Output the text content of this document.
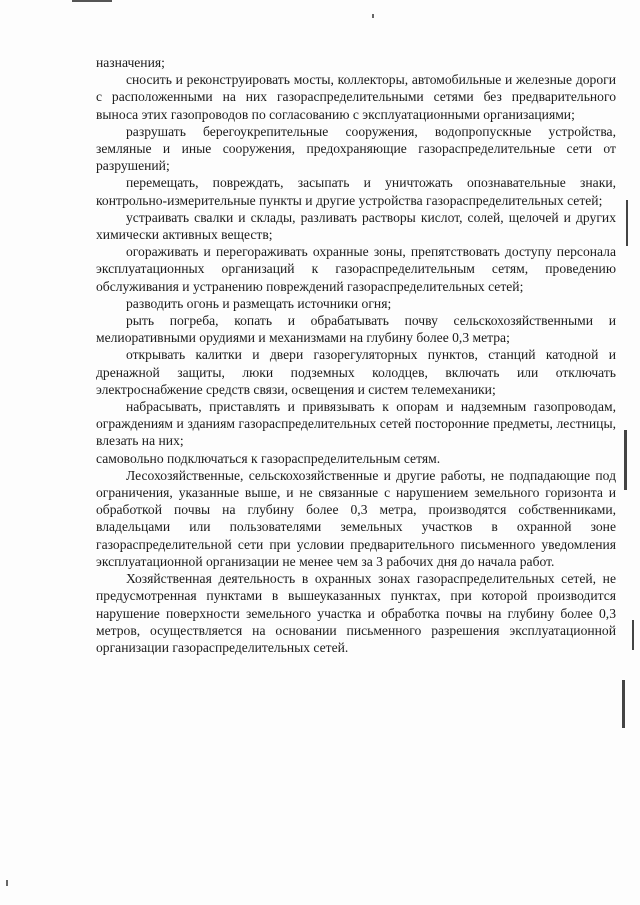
назначения;

сносить и реконструировать мосты, коллекторы, автомобильные и железные дороги с расположенными на них газораспределительными сетями без предварительного выноса этих газопроводов по согласованию с эксплуатационными организациями;

разрушать берегоукрепительные сооружения, водопропускные устройства, земляные и иные сооружения, предохраняющие газораспределительные сети от разрушений;

перемещать, повреждать, засыпать и уничтожать опознавательные знаки, контрольно-измерительные пункты и другие устройства газораспределительных сетей;

устраивать свалки и склады, разливать растворы кислот, солей, щелочей и других химически активных веществ;

огораживать и перегораживать охранные зоны, препятствовать доступу персонала эксплуатационных организаций к газораспределительным сетям, проведению обслуживания и устранению повреждений газораспределительных сетей;

разводить огонь и размещать источники огня;

рыть погреба, копать и обрабатывать почву сельскохозяйственными и мелиоративными орудиями и механизмами на глубину более 0,3 метра;

открывать калитки и двери газорегуляторных пунктов, станций катодной и дренажной защиты, люки подземных колодцев, включать или отключать электроснабжение средств связи, освещения и систем телемеханики;

набрасывать, приставлять и привязывать к опорам и надземным газопроводам, ограждениям и зданиям газораспределительных сетей посторонние предметы, лестницы, влезать на них;

самовольно подключаться к газораспределительным сетям.

Лесохозяйственные, сельскохозяйственные и другие работы, не подпадающие под ограничения, указанные выше, и не связанные с нарушением земельного горизонта и обработкой почвы на глубину более 0,3 метра, производятся собственниками, владельцами или пользователями земельных участков в охранной зоне газораспределительной сети при условии предварительного письменного уведомления эксплуатационной организации не менее чем за 3 рабочих дня до начала работ.

Хозяйственная деятельность в охранных зонах газораспределительных сетей, не предусмотренная пунктами в вышеуказанных пунктах, при которой производится нарушение поверхности земельного участка и обработка почвы на глубину более 0,3 метров, осуществляется на основании письменного разрешения эксплуатационной организации газораспределительных сетей.
